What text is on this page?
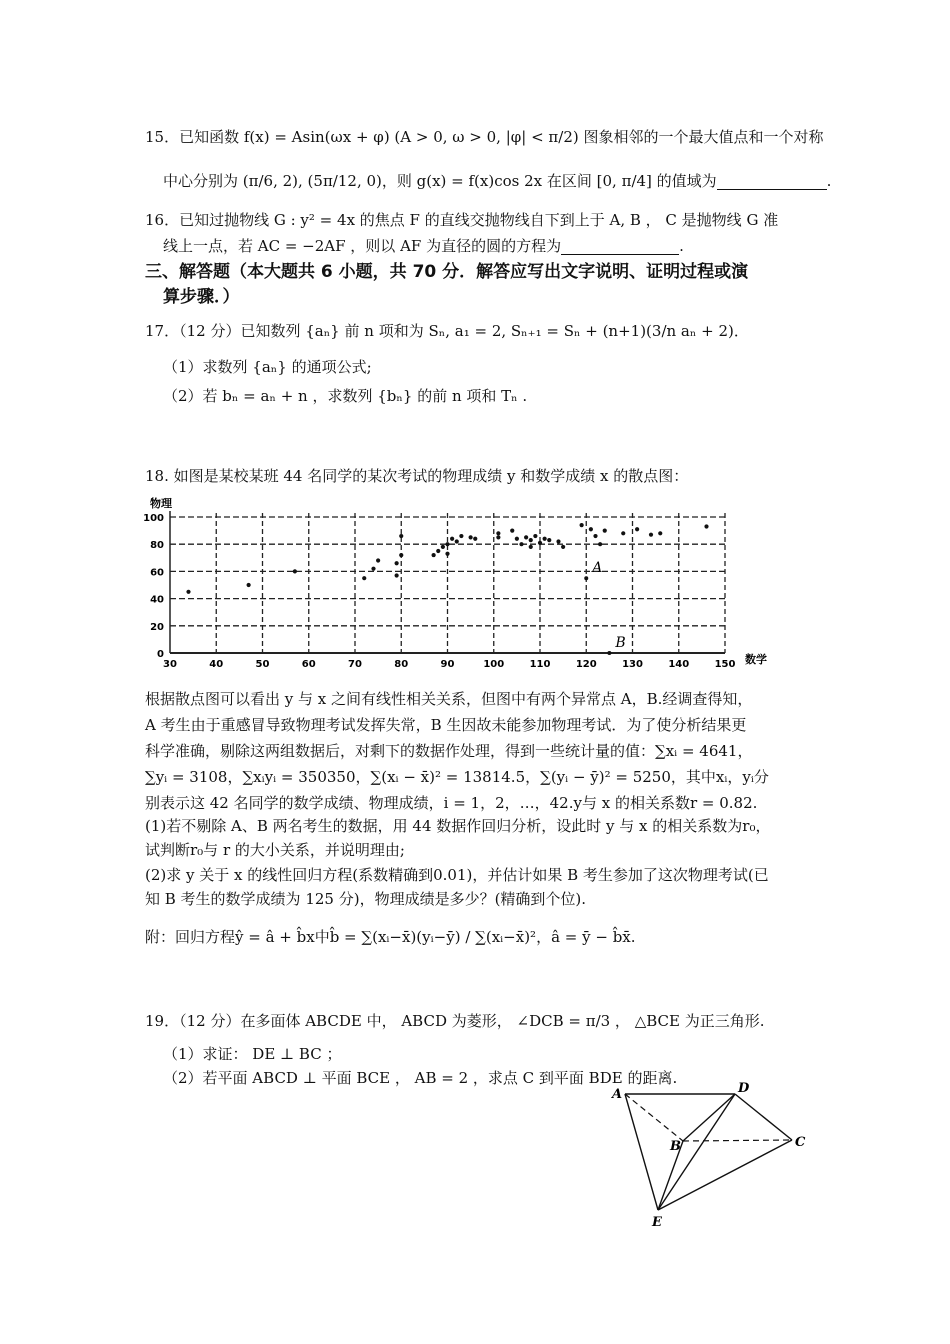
15．已知函数 f(x) = Asin(ωx + φ) (A > 0, ω > 0, |φ| < π/2) 图象相邻的一个最大值点和一个对称
中心分别为 (π/6, 2), (5π/12, 0)，则 g(x) = f(x)cos 2x 在区间 [0, π/4] 的值域为	.
16．已知过抛物线 G : y² = 4x 的焦点 F 的直线交抛物线自下到上于 A, B ， C 是抛物线 G 准
线上一点，若 AC = −2AF ，则以 AF 为直径的圆的方程为	.
三、解答题（本大题共 6 小题，共 70 分．解答应写出文字说明、证明过程或演
算步骤．）
17．（12 分）已知数列 {aₙ} 前 n 项和为 Sₙ, a₁ = 2, Sₙ₊₁ = Sₙ + (n+1)(3/n aₙ + 2)．
（1）求数列 {aₙ} 的通项公式;
（2）若 bₙ = aₙ + n ，求数列 {bₙ} 的前 n 项和 Tₙ .
18. 如图是某校某班 44 名同学的某次考试的物理成绩 y 和数学成绩 x 的散点图：
0
20
40
60
80
100
30	40	50	60	70	80	90	100	110	120	130	140	150
A
B
物理
数学
根据散点图可以看出 y 与 x 之间有线性相关关系，但图中有两个异常点 A，B.经调查得知，
A 考生由于重感冒导致物理考试发挥失常，B 生因故未能参加物理考试．为了使分析结果更
科学准确，剔除这两组数据后，对剩下的数据作处理，得到一些统计量的值：∑xᵢ = 4641，
∑yᵢ = 3108，∑xᵢyᵢ = 350350，∑(xᵢ − x̄)² = 13814.5，∑(yᵢ − ȳ)² = 5250，其中xᵢ，yᵢ分
别表示这 42 名同学的数学成绩、物理成绩，i = 1，2，…，42.y与 x 的相关系数r = 0.82.
(1)若不剔除 A、B 两名考生的数据，用 44 数据作回归分析，设此时 y 与 x 的相关系数为r₀，
试判断r₀与 r 的大小关系，并说明理由;
(2)求 y 关于 x 的线性回归方程(系数精确到0.01)，并估计如果 B 考生参加了这次物理考试(已
知 B 考生的数学成绩为 125 分)，物理成绩是多少？(精确到个位).
附：回归方程ŷ = â + b̂x中b̂ = ∑(xᵢ−x̄)(yᵢ−ȳ) / ∑(xᵢ−x̄)²，â = ȳ − b̂x̄.
19．（12 分）在多面体 ABCDE 中， ABCD 为菱形， ∠DCB = π/3 ， △BCE 为正三角形.
（1）求证： DE ⊥ BC ；
（2）若平面 ABCD ⊥ 平面 BCE ， AB = 2 ，求点 C 到平面 BDE 的距离.
A	D
B	C
E
